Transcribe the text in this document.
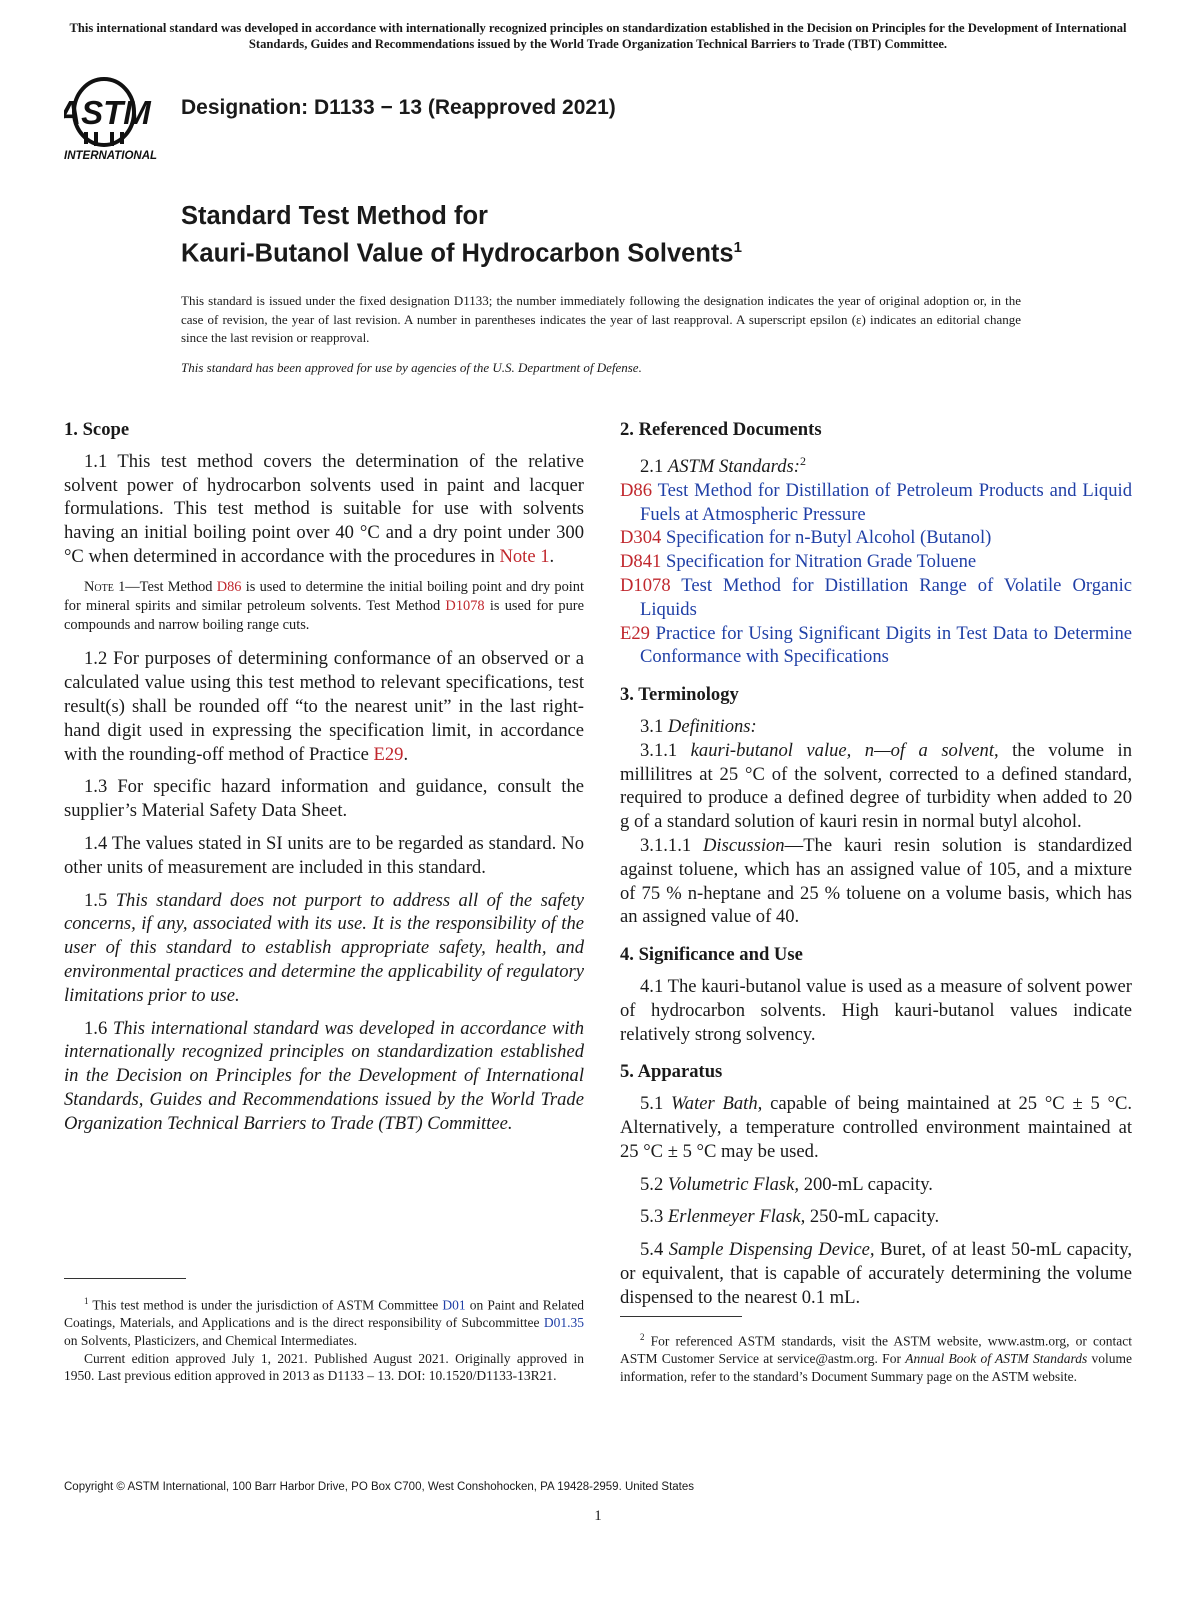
This international standard was developed in accordance with internationally recognized principles on standardization established in the Decision on Principles for the Development of International Standards, Guides and Recommendations issued by the World Trade Organization Technical Barriers to Trade (TBT) Committee.
ASTM
INTERNATIONAL
Designation: D1133 − 13 (Reapproved 2021)
Standard Test Method for
Kauri-Butanol Value of Hydrocarbon Solvents$^1$
This standard is issued under the fixed designation D1133; the number immediately following the designation indicates the year of original adoption or, in the case of revision, the year of last revision. A number in parentheses indicates the year of last reapproval. A superscript epsilon (ε) indicates an editorial change since the last revision or reapproval.
This standard has been approved for use by agencies of the U.S. Department of Defense.
1. Scope
1.1 This test method covers the determination of the relative solvent power of hydrocarbon solvents used in paint and lacquer formulations. This test method is suitable for use with solvents having an initial boiling point over 40 °C and a dry point under 300 °C when determined in accordance with the procedures in Note 1.
Note 1—Test Method D86 is used to determine the initial boiling point and dry point for mineral spirits and similar petroleum solvents. Test Method D1078 is used for pure compounds and narrow boiling range cuts.
1.2 For purposes of determining conformance of an observed or a calculated value using this test method to relevant specifications, test result(s) shall be rounded off “to the nearest unit” in the last right-hand digit used in expressing the specification limit, in accordance with the rounding-off method of Practice E29.
1.3 For specific hazard information and guidance, consult the supplier’s Material Safety Data Sheet.
1.4 The values stated in SI units are to be regarded as standard. No other units of measurement are included in this standard.
1.5 This standard does not purport to address all of the safety concerns, if any, associated with its use. It is the responsibility of the user of this standard to establish appropriate safety, health, and environmental practices and determine the applicability of regulatory limitations prior to use.
1.6 This international standard was developed in accordance with internationally recognized principles on standardization established in the Decision on Principles for the Development of International Standards, Guides and Recommendations issued by the World Trade Organization Technical Barriers to Trade (TBT) Committee.
2. Referenced Documents
2.1 ASTM Standards:$^2$
D86 Test Method for Distillation of Petroleum Products and Liquid Fuels at Atmospheric Pressure
D304 Specification for n-Butyl Alcohol (Butanol)
D841 Specification for Nitration Grade Toluene
D1078 Test Method for Distillation Range of Volatile Organic Liquids
E29 Practice for Using Significant Digits in Test Data to Determine Conformance with Specifications
3. Terminology
3.1 Definitions:
3.1.1 kauri-butanol value, n—of a solvent, the volume in millilitres at 25 °C of the solvent, corrected to a defined standard, required to produce a defined degree of turbidity when added to 20 g of a standard solution of kauri resin in normal butyl alcohol.
3.1.1.1 Discussion—The kauri resin solution is standardized against toluene, which has an assigned value of 105, and a mixture of 75 % n-heptane and 25 % toluene on a volume basis, which has an assigned value of 40.
4. Significance and Use
4.1 The kauri-butanol value is used as a measure of solvent power of hydrocarbon solvents. High kauri-butanol values indicate relatively strong solvency.
5. Apparatus
5.1 Water Bath, capable of being maintained at 25 °C ± 5 °C. Alternatively, a temperature controlled environment maintained at 25 °C ± 5 °C may be used.
5.2 Volumetric Flask, 200-mL capacity.
5.3 Erlenmeyer Flask, 250-mL capacity.
5.4 Sample Dispensing Device, Buret, of at least 50-mL capacity, or equivalent, that is capable of accurately determining the volume dispensed to the nearest 0.1 mL.

$^1$ This test method is under the jurisdiction of ASTM Committee D01 on Paint and Related Coatings, Materials, and Applications and is the direct responsibility of Subcommittee D01.35 on Solvents, Plasticizers, and Chemical Intermediates.

Current edition approved July 1, 2021. Published August 2021. Originally approved in 1950. Last previous edition approved in 2013 as D1133 – 13. DOI: 10.1520/D1133-13R21.

$^2$ For referenced ASTM standards, visit the ASTM website, www.astm.org, or contact ASTM Customer Service at service@astm.org. For Annual Book of ASTM Standards volume information, refer to the standard’s Document Summary page on the ASTM website.

Copyright © ASTM International, 100 Barr Harbor Drive, PO Box C700, West Conshohocken, PA 19428-2959. United States
1
